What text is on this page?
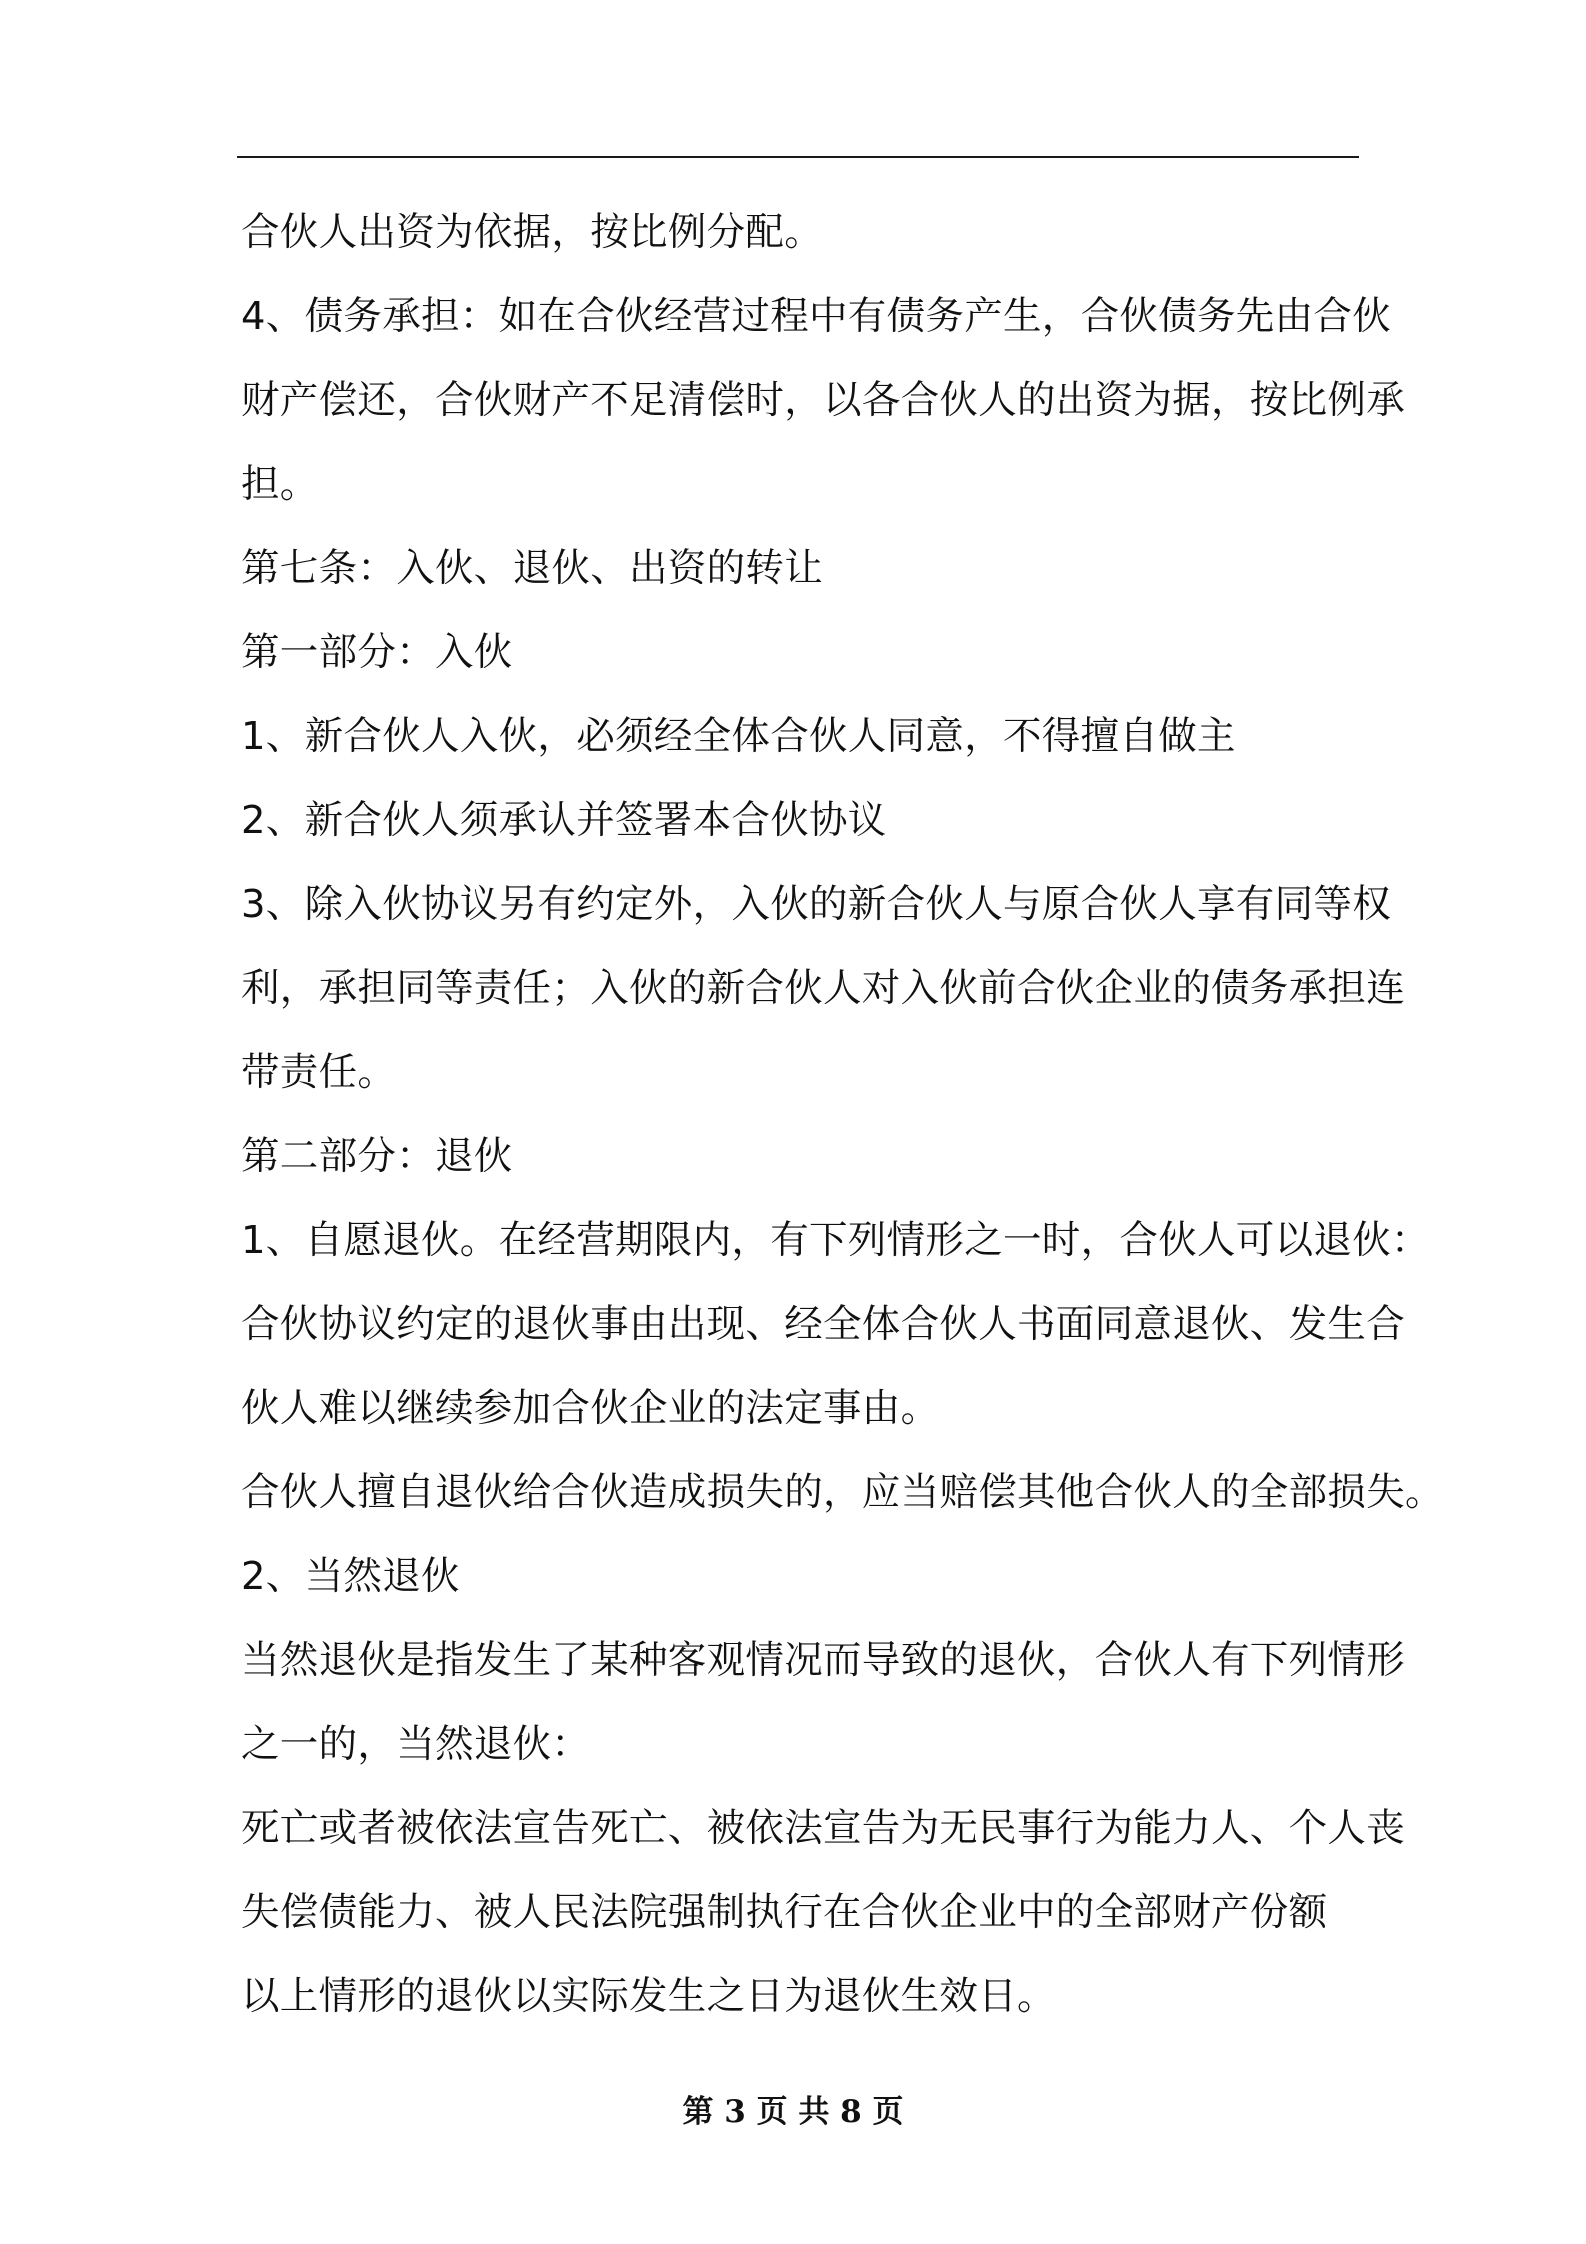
合伙人出资为依据，按比例分配。
4、债务承担：如在合伙经营过程中有债务产生，合伙债务先由合伙
财产偿还，合伙财产不足清偿时，以各合伙人的出资为据，按比例承
担。
第七条：入伙、退伙、出资的转让
第一部分：入伙
1、新合伙人入伙，必须经全体合伙人同意，不得擅自做主
2、新合伙人须承认并签署本合伙协议
3、除入伙协议另有约定外，入伙的新合伙人与原合伙人享有同等权
利，承担同等责任；入伙的新合伙人对入伙前合伙企业的债务承担连
带责任。
第二部分：退伙
1、自愿退伙。在经营期限内，有下列情形之一时，合伙人可以退伙：
合伙协议约定的退伙事由出现、经全体合伙人书面同意退伙、发生合
伙人难以继续参加合伙企业的法定事由。
合伙人擅自退伙给合伙造成损失的，应当赔偿其他合伙人的全部损失。
2、当然退伙
当然退伙是指发生了某种客观情况而导致的退伙，合伙人有下列情形
之一的，当然退伙：
死亡或者被依法宣告死亡、被依法宣告为无民事行为能力人、个人丧
失偿债能力、被人民法院强制执行在合伙企业中的全部财产份额
以上情形的退伙以实际发生之日为退伙生效日。
第 3 页 共 8 页
